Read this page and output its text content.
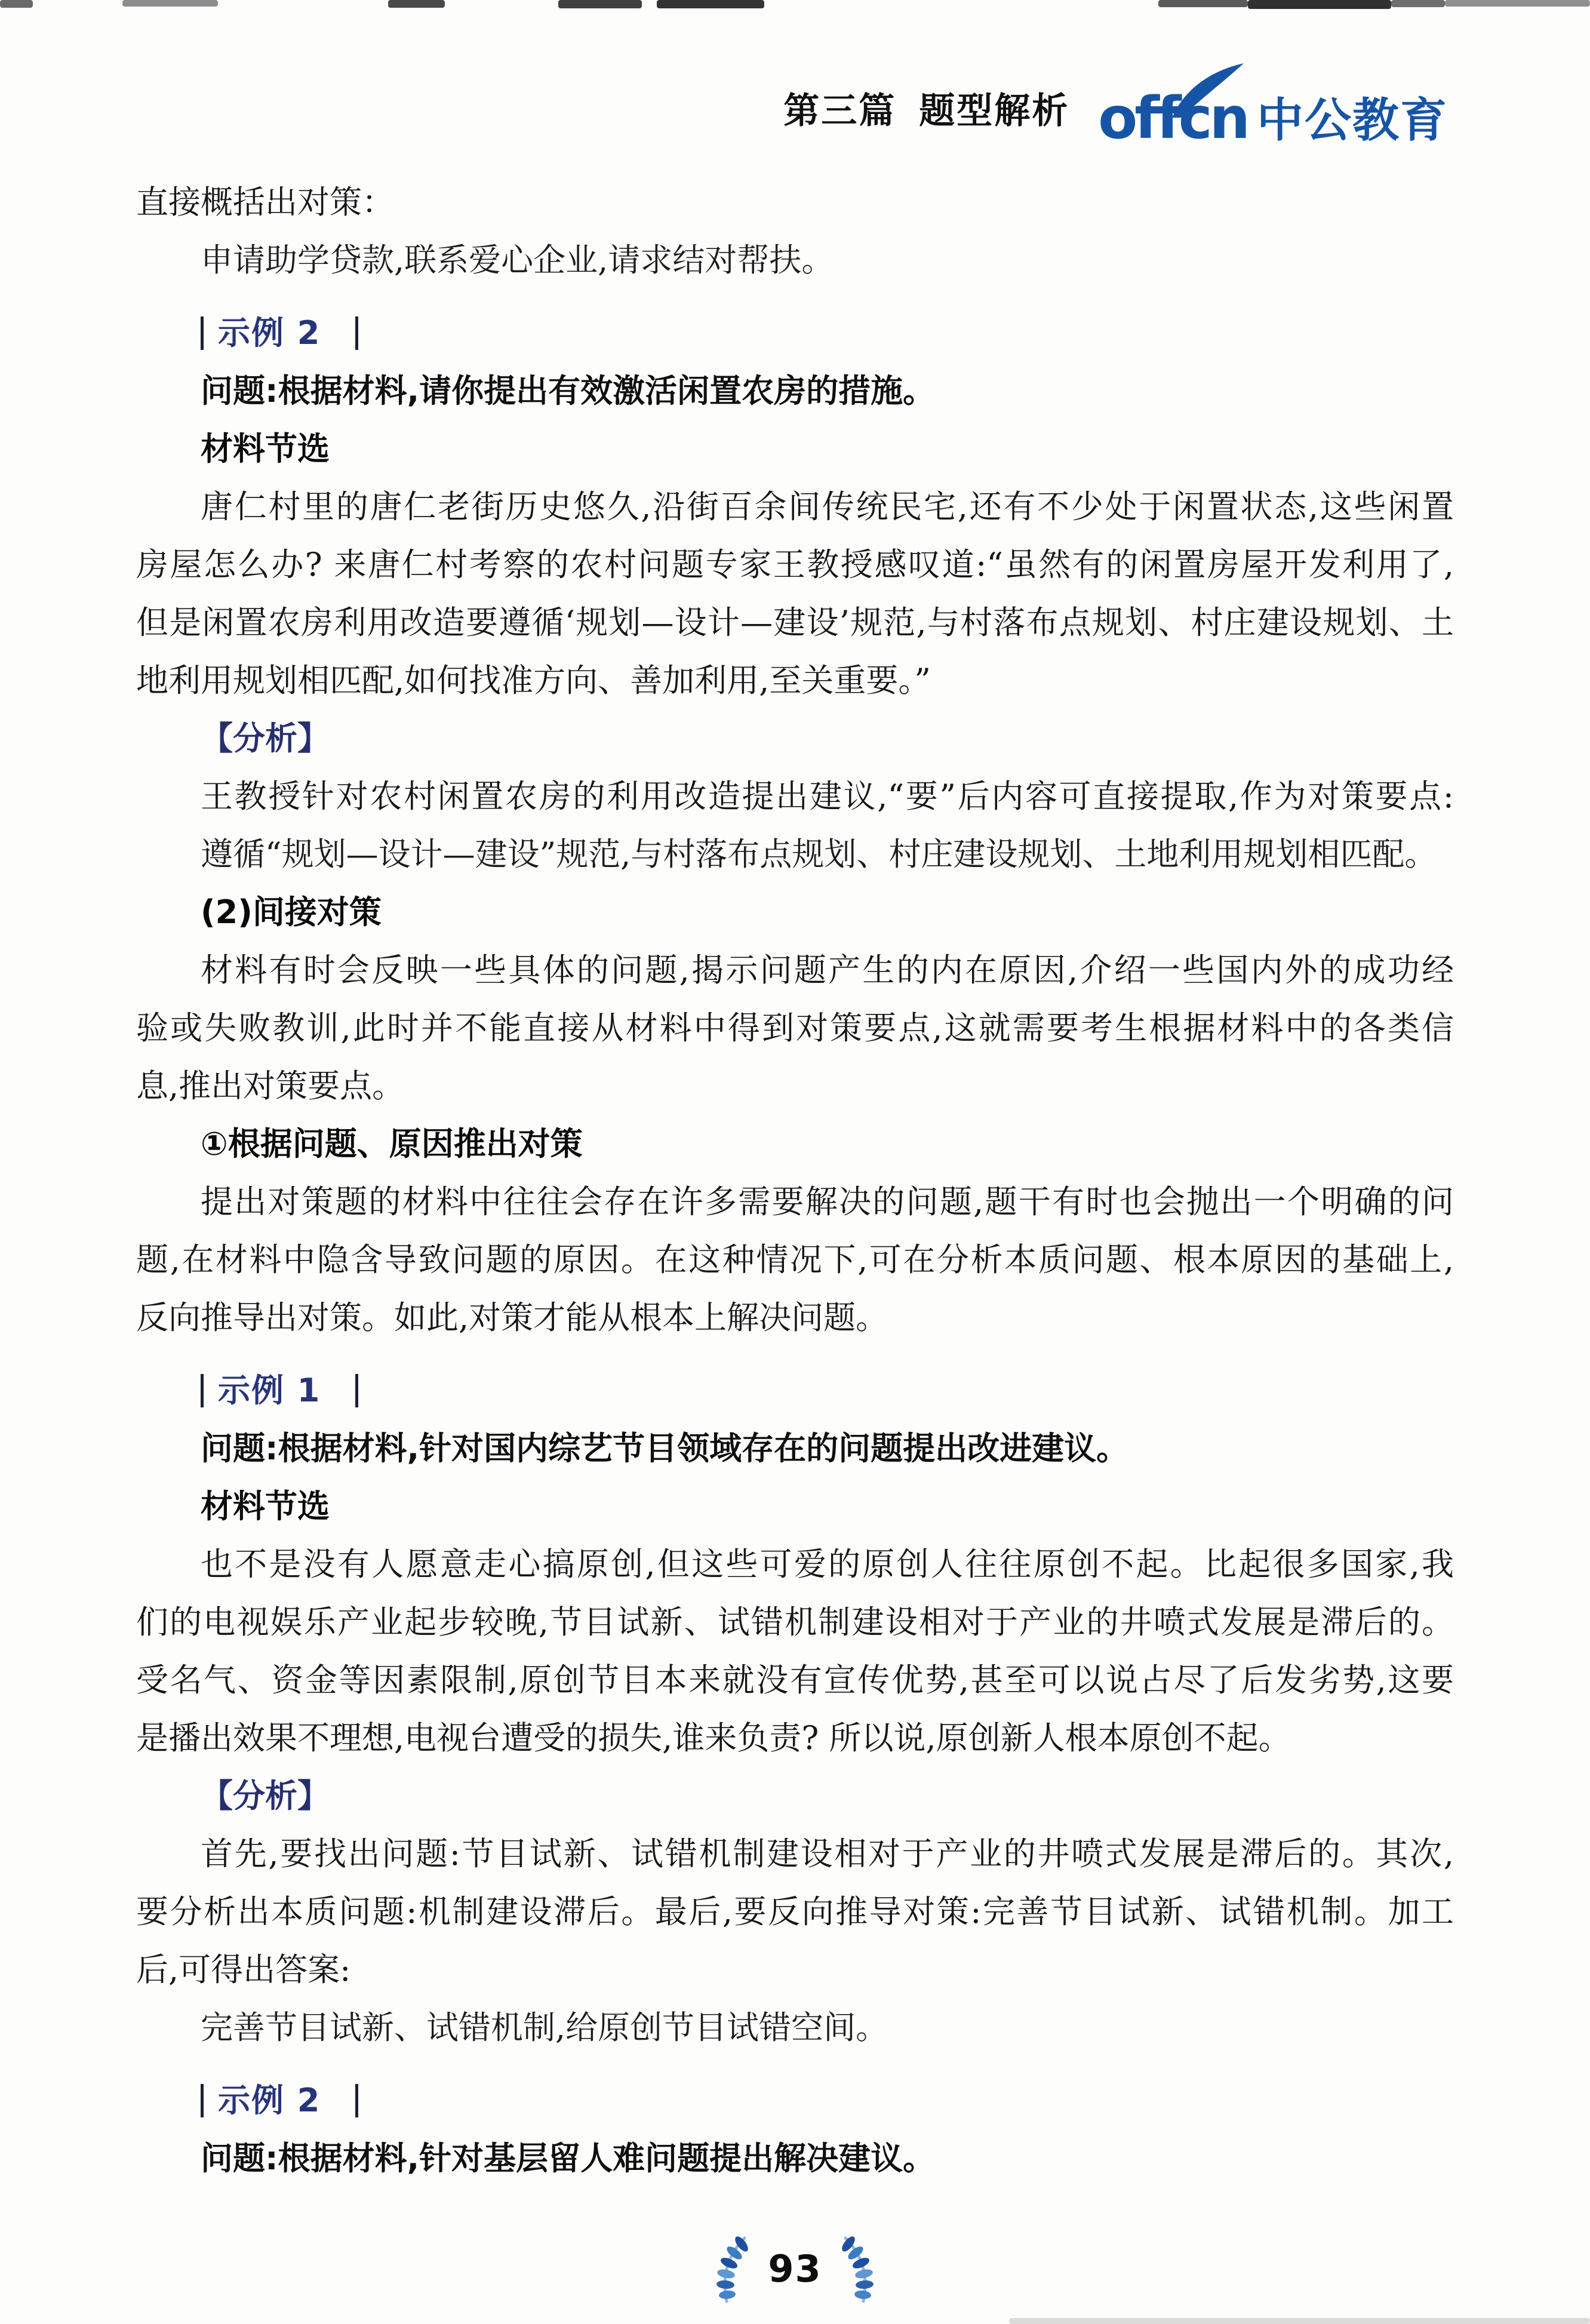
第三篇 题型解析 offcn 中公教育
直接概括出对策：
申请助学贷款,联系爱心企业,请求结对帮扶。
示例 2
问题:根据材料,请你提出有效激活闲置农房的措施。
材料节选
唐仁村里的唐仁老街历史悠久,沿街百余间传统民宅,还有不少处于闲置状态,这些闲置
房屋怎么办? 来唐仁村考察的农村问题专家王教授感叹道:“虽然有的闲置房屋开发利用了,
但是闲置农房利用改造要遵循‘规划—设计—建设’规范,与村落布点规划、村庄建设规划、土
地利用规划相匹配,如何找准方向、善加利用,至关重要。”
【分析】
王教授针对农村闲置农房的利用改造提出建议,“要”后内容可直接提取,作为对策要点:
遵循“规划—设计—建设”规范,与村落布点规划、村庄建设规划、土地利用规划相匹配。
(2)间接对策
材料有时会反映一些具体的问题,揭示问题产生的内在原因,介绍一些国内外的成功经
验或失败教训,此时并不能直接从材料中得到对策要点,这就需要考生根据材料中的各类信
息,推出对策要点。
①根据问题、原因推出对策
提出对策题的材料中往往会存在许多需要解决的问题,题干有时也会抛出一个明确的问
题,在材料中隐含导致问题的原因。在这种情况下,可在分析本质问题、根本原因的基础上,
反向推导出对策。如此,对策才能从根本上解决问题。
示例 1
问题:根据材料,针对国内综艺节目领域存在的问题提出改进建议。
材料节选
也不是没有人愿意走心搞原创,但这些可爱的原创人往往原创不起。比起很多国家,我
们的电视娱乐产业起步较晚,节目试新、试错机制建设相对于产业的井喷式发展是滞后的。
受名气、资金等因素限制,原创节目本来就没有宣传优势,甚至可以说占尽了后发劣势,这要
是播出效果不理想,电视台遭受的损失,谁来负责? 所以说,原创新人根本原创不起。
【分析】
首先,要找出问题:节目试新、试错机制建设相对于产业的井喷式发展是滞后的。其次,
要分析出本质问题:机制建设滞后。最后,要反向推导对策:完善节目试新、试错机制。加工
后,可得出答案:
完善节目试新、试错机制,给原创节目试错空间。
示例 2
问题:根据材料,针对基层留人难问题提出解决建议。
93
